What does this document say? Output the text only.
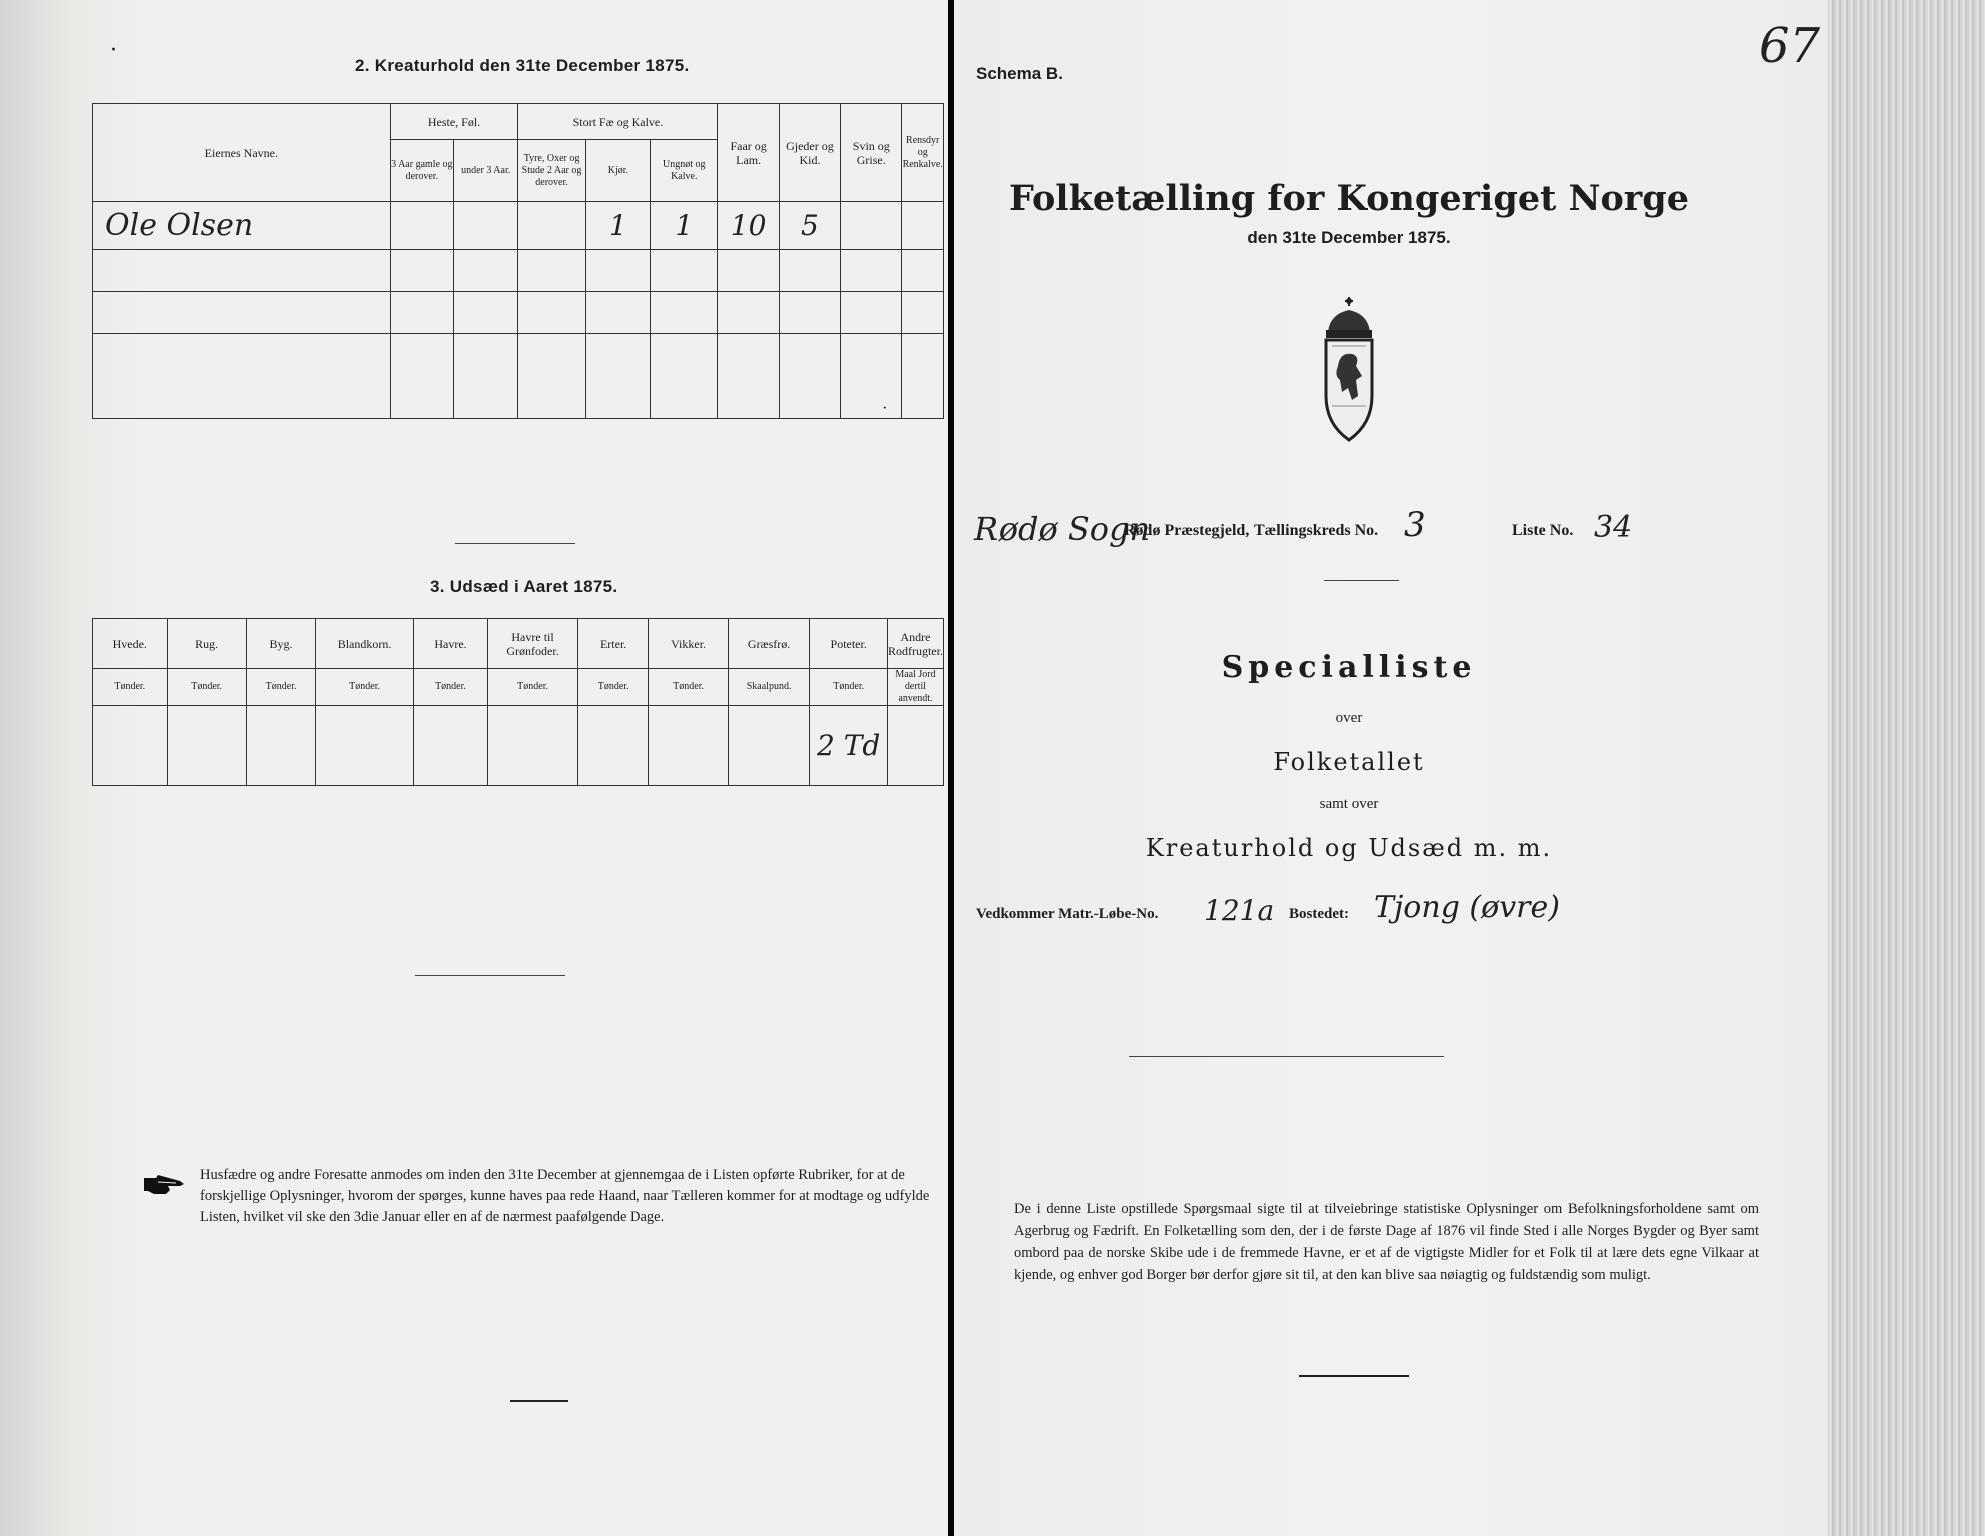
·
2. Kreaturhold den 31te December 1875.
Eiernes Navne.	Heste, Føl.		Stort Fæ og Kalve.			Faar og Lam.	Gjeder og Kid.	Svin og Grise.	Rensdyr og Renkalve.
	3 Aar gamle og derover.	under 3 Aar.	Tyre, Oxer og Stude 2 Aar og derover.	Kjør.	Ungnøt og Kalve.				
Ole Olsen				1	1	10	5		

								·	
3. Udsæd i Aaret 1875.
Hvede.	Rug.	Byg.	Blandkorn.	Havre.	Havre til Grønfoder.	Erter.	Vikker.	Græsfrø.	Poteter.	Andre Rodfrugter.
Tønder.	Tønder.	Tønder.	Tønder.	Tønder.	Tønder.	Tønder.	Tønder.	Skaalpund.	Tønder.	Maal Jord dertil anvendt.
									2 Td	
Husfædre og andre Foresatte anmodes om inden den 31te December at gjennemgaa de i Listen opførte Rubriker, for at de forskjellige Oplysninger, hvorom der spørges, kunne haves paa rede Haand, naar Tælleren kommer for at modtage og udfylde Listen, hvilket vil ske den 3die Januar eller en af de nærmest paafølgende Dage.
Schema B.	67
Folketælling for Kongeriget Norge
den 31te December 1875.
Rødø Sogn
Rødø Præstegjeld, Tællingskreds No. 3	Liste No. 34
Specialliste
over
Folketallet
samt over
Kreaturhold og Udsæd m. m.
Vedkommer Matr.-Løbe-No. 121a Bostedet: Tjong (øvre)
De i denne Liste opstillede Spørgsmaal sigte til at tilveiebringe statistiske Oplysninger om Befolkningsforholdene samt om Agerbrug og Fædrift. En Folketælling som den, der i de første Dage af 1876 vil finde Sted i alle Norges Bygder og Byer samt ombord paa de norske Skibe ude i de fremmede Havne, er et af de vigtigste Midler for et Folk til at lære dets egne Vilkaar at kjende, og enhver god Borger bør derfor gjøre sit til, at den kan blive saa nøiagtig og fuldstændig som muligt.
